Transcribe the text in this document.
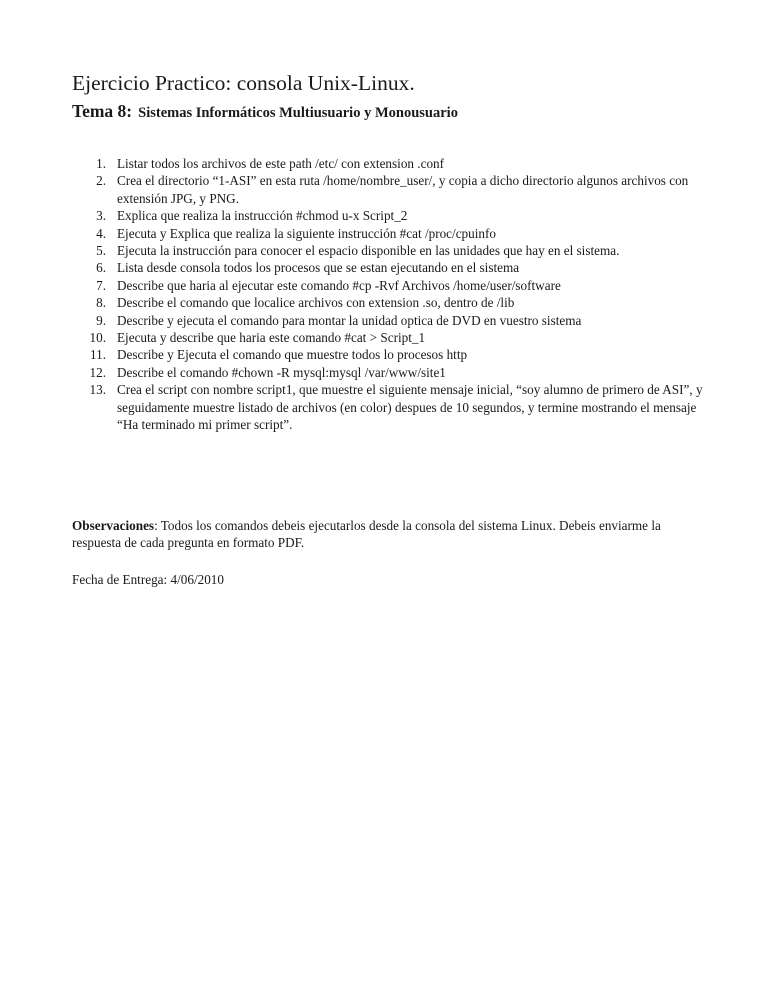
Ejercicio Practico: consola Unix-Linux.
Tema 8: Sistemas Informáticos Multiusuario y Monousuario
1. Listar todos los archivos de este path /etc/ con extension .conf
2. Crea el directorio “1-ASI” en esta ruta /home/nombre_user/, y copia a dicho directorio algunos archivos con extensión JPG, y PNG.
3. Explica que realiza la instrucción #chmod u-x Script_2
4. Ejecuta y Explica que realiza la siguiente instrucción #cat /proc/cpuinfo
5. Ejecuta la instrucción para conocer el espacio disponible en las unidades que hay en el sistema.
6. Lista desde consola todos los procesos que se estan ejecutando en el sistema
7. Describe que haria al ejecutar este comando #cp -Rvf Archivos /home/user/software
8. Describe el comando que localice archivos con extension .so, dentro de /lib
9. Describe y ejecuta el comando para montar la unidad optica de DVD en vuestro sistema
10. Ejecuta y describe que haria este comando #cat > Script_1
11. Describe y Ejecuta el comando que muestre todos lo procesos http
12. Describe el comando #chown -R mysql:mysql /var/www/site1
13. Crea el script con nombre script1, que muestre el siguiente mensaje inicial, “soy alumno de primero de ASI”, y seguidamente muestre listado de archivos (en color) despues de 10 segundos, y termine mostrando el mensaje “Ha terminado mi primer script”.

Observaciones: Todos los comandos debeis ejecutarlos desde la consola del sistema Linux. Debeis enviarme la respuesta de cada pregunta en formato PDF.

Fecha de Entrega: 4/06/2010
